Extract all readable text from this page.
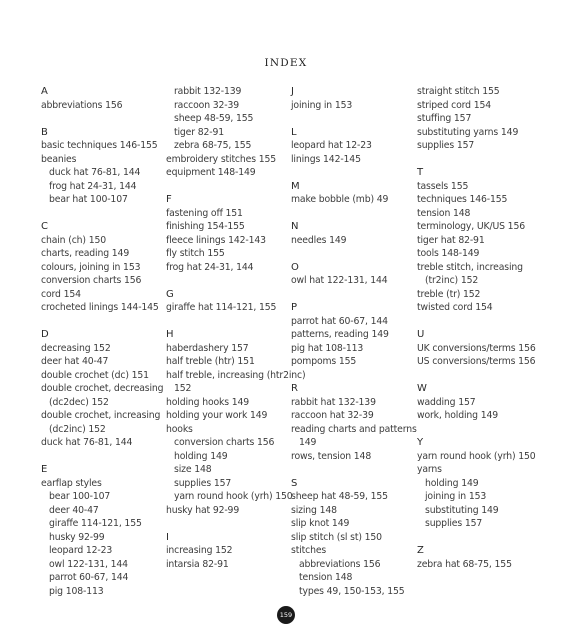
INDEX
A
abbreviations 156
B
basic techniques 146-155
beanies
duck hat 76-81, 144
frog hat 24-31, 144
bear hat 100-107
C
chain (ch) 150
charts, reading 149
colours, joining in 153
conversion charts 156
cord 154
crocheted linings 144-145
D
decreasing 152
deer hat 40-47
double crochet (dc) 151
double crochet, decreasing
(dc2dec) 152
double crochet, increasing
(dc2inc) 152
duck hat 76-81, 144
E
earflap styles
bear 100-107
deer 40-47
giraffe 114-121, 155
husky 92-99
leopard 12-23
owl 122-131, 144
parrot 60-67, 144
pig 108-113
rabbit 132-139
raccoon 32-39
sheep 48-59, 155
tiger 82-91
zebra 68-75, 155
embroidery stitches 155
equipment 148-149
F
fastening off 151
finishing 154-155
fleece linings 142-143
fly stitch 155
frog hat 24-31, 144
G
giraffe hat 114-121, 155
H
haberdashery 157
half treble (htr) 151
half treble, increasing (htr2inc)
152
holding hooks 149
holding your work 149
hooks
conversion charts 156
holding 149
size 148
supplies 157
yarn round hook (yrh) 150
husky hat 92-99
I
increasing 152
intarsia 82-91
J
joining in 153
L
leopard hat 12-23
linings 142-145
M
make bobble (mb) 49
N
needles 149
O
owl hat 122-131, 144
P
parrot hat 60-67, 144
patterns, reading 149
pig hat 108-113
pompoms 155
R
rabbit hat 132-139
raccoon hat 32-39
reading charts and patterns
149
rows, tension 148
S
sheep hat 48-59, 155
sizing 148
slip knot 149
slip stitch (sl st) 150
stitches
abbreviations 156
tension 148
types 49, 150-153, 155
straight stitch 155
striped cord 154
stuffing 157
substituting yarns 149
supplies 157
T
tassels 155
techniques 146-155
tension 148
terminology, UK/US 156
tiger hat 82-91
tools 148-149
treble stitch, increasing
(tr2inc) 152
treble (tr) 152
twisted cord 154
U
UK conversions/terms 156
US conversions/terms 156
W
wadding 157
work, holding 149
Y
yarn round hook (yrh) 150
yarns
holding 149
joining in 153
substituting 149
supplies 157
Z
zebra hat 68-75, 155
159
